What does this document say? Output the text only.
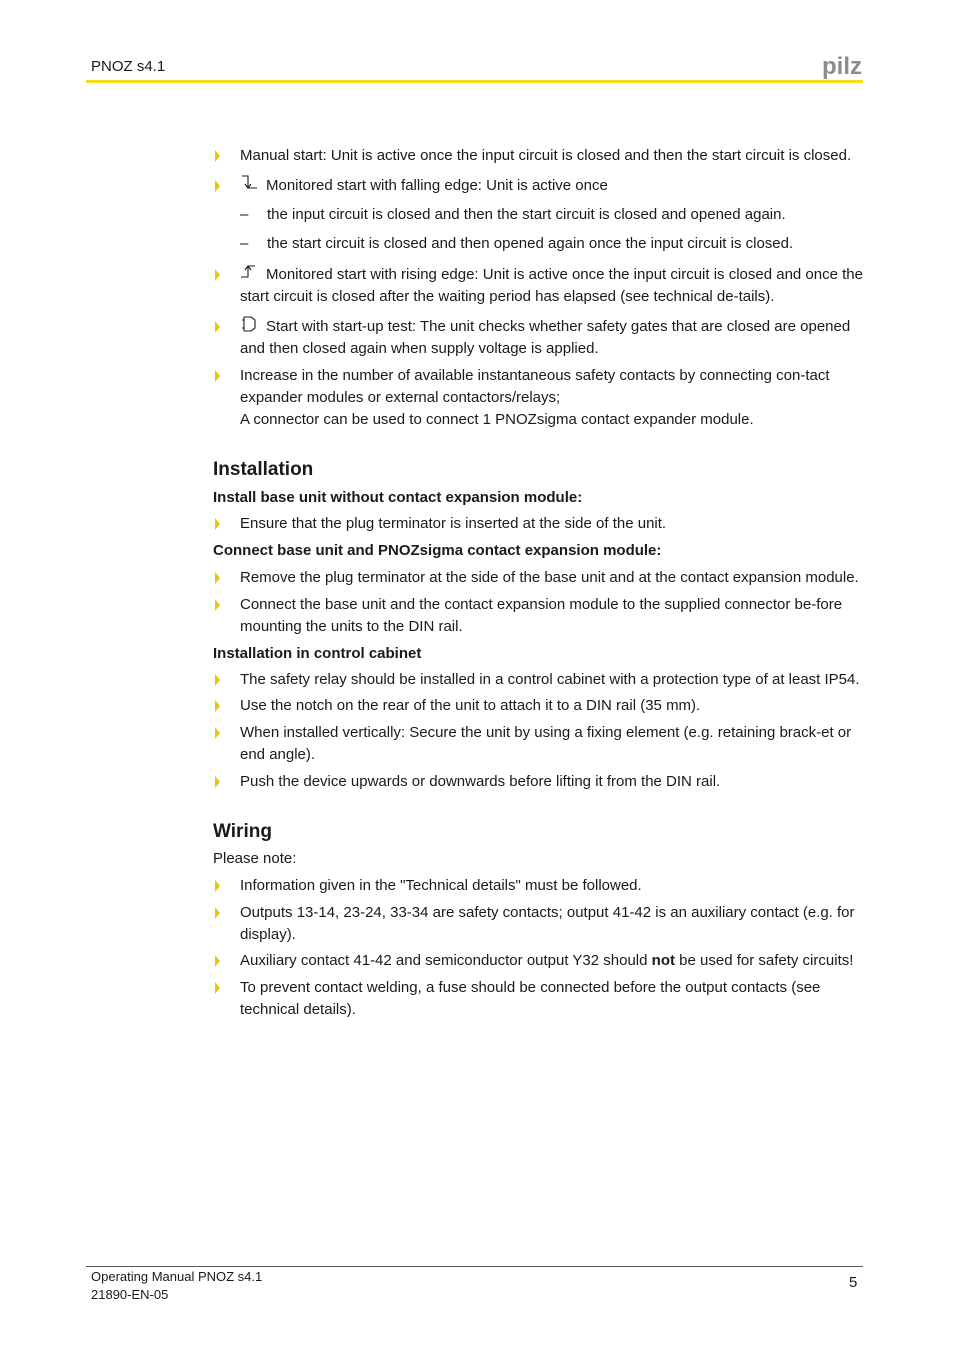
PNOZ s4.1	pilz
Manual start: Unit is active once the input circuit is closed and then the start circuit is closed.
Monitored start with falling edge: Unit is active once
– the input circuit is closed and then the start circuit is closed and opened again.
– the start circuit is closed and then opened again once the input circuit is closed.
Monitored start with rising edge: Unit is active once the input circuit is closed and once the start circuit is closed after the waiting period has elapsed (see technical de-tails).
Start with start-up test: The unit checks whether safety gates that are closed are opened and then closed again when supply voltage is applied.
Increase in the number of available instantaneous safety contacts by connecting con-tact expander modules or external contactors/relays;
A connector can be used to connect 1 PNOZsigma contact expander module.
Installation
Install base unit without contact expansion module:
Ensure that the plug terminator is inserted at the side of the unit.
Connect base unit and PNOZsigma contact expansion module:
Remove the plug terminator at the side of the base unit and at the contact expansion module.
Connect the base unit and the contact expansion module to the supplied connector be-fore mounting the units to the DIN rail.
Installation in control cabinet
The safety relay should be installed in a control cabinet with a protection type of at least IP54.
Use the notch on the rear of the unit to attach it to a DIN rail (35 mm).
When installed vertically: Secure the unit by using a fixing element (e.g. retaining brack-et or end angle).
Push the device upwards or downwards before lifting it from the DIN rail.
Wiring
Please note:
Information given in the "Technical details" must be followed.
Outputs 13-14, 23-24, 33-34 are safety contacts; output 41-42 is an auxiliary contact (e.g. for display).
Auxiliary contact 41-42 and semiconductor output Y32 should not be used for safety circuits!
To prevent contact welding, a fuse should be connected before the output contacts (see technical details).
Operating Manual PNOZ s4.1
21890-EN-05
5
